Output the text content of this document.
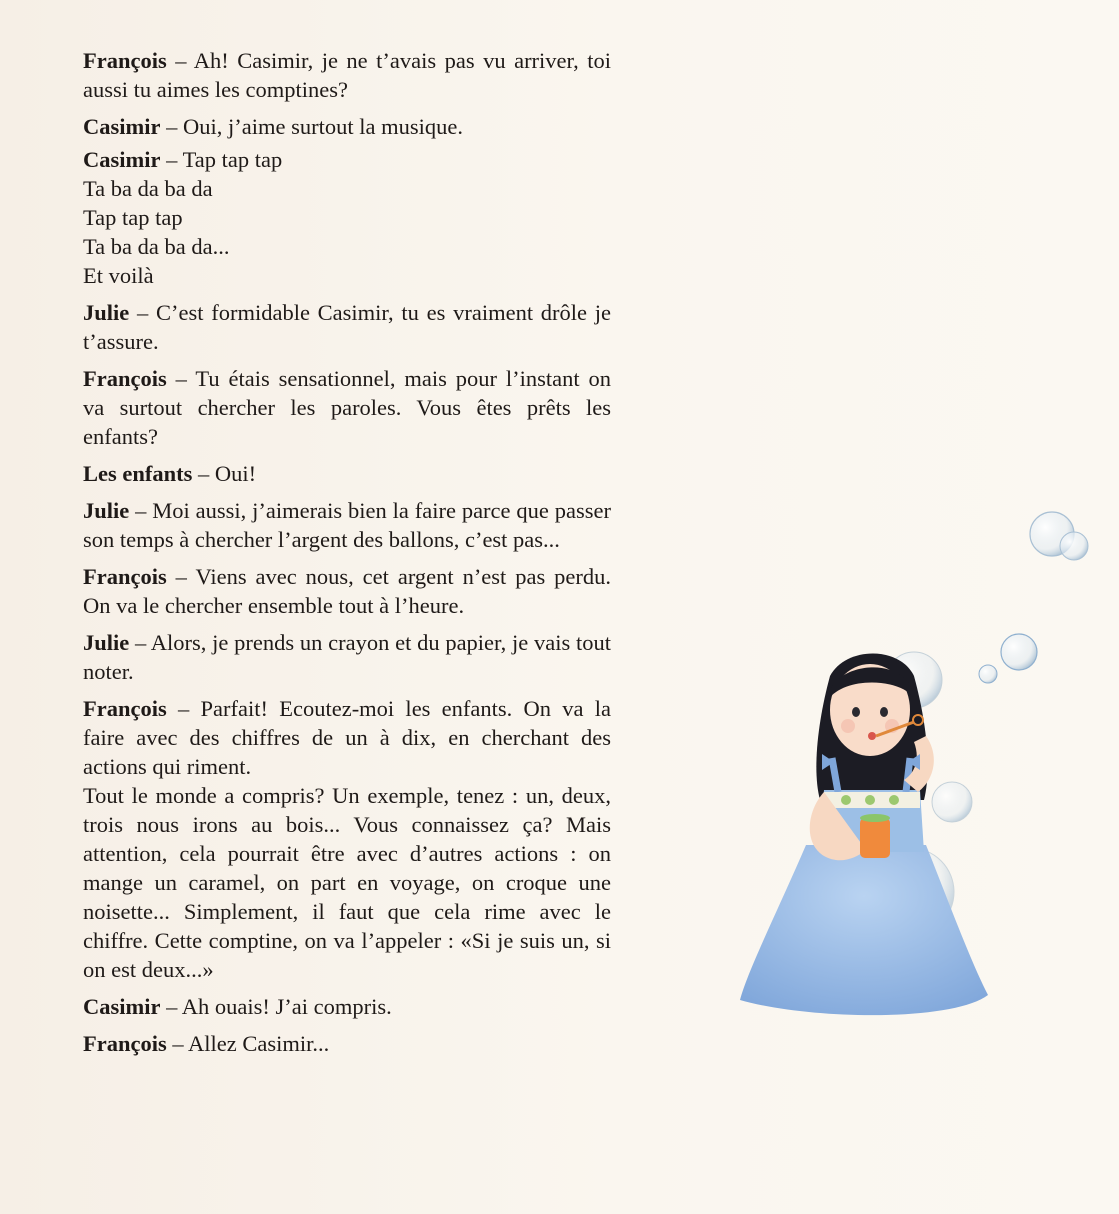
François – Ah! Casimir, je ne t’avais pas vu arriver, toi aussi tu aimes les comptines?

Casimir – Oui, j’aime surtout la musique.

Casimir – Tap tap tap
Ta ba da ba da
Tap tap tap
Ta ba da ba da...
Et voilà

Julie – C’est formidable Casimir, tu es vraiment drôle je t’assure.

François – Tu étais sensationnel, mais pour l’instant on va surtout chercher les paroles. Vous êtes prêts les enfants?

Les enfants – Oui!

Julie – Moi aussi, j’aimerais bien la faire parce que passer son temps à chercher l’argent des ballons, c’est pas...

François – Viens avec nous, cet argent n’est pas perdu. On va le chercher ensemble tout à l’heure.

Julie – Alors, je prends un crayon et du papier, je vais tout noter.

François – Parfait! Ecoutez-moi les enfants. On va la faire avec des chiffres de un à dix, en cherchant des actions qui riment.

Tout le monde a compris? Un exemple, tenez : un, deux, trois nous irons au bois... Vous connaissez ça? Mais attention, cela pourrait être avec d’autres actions : on mange un caramel, on part en voyage, on croque une noisette... Simplement, il faut que cela rime avec le chiffre. Cette comptine, on va l’appeler : «Si je suis un, si on est deux...»

Casimir – Ah ouais! J’ai compris.

François – Allez Casimir...
